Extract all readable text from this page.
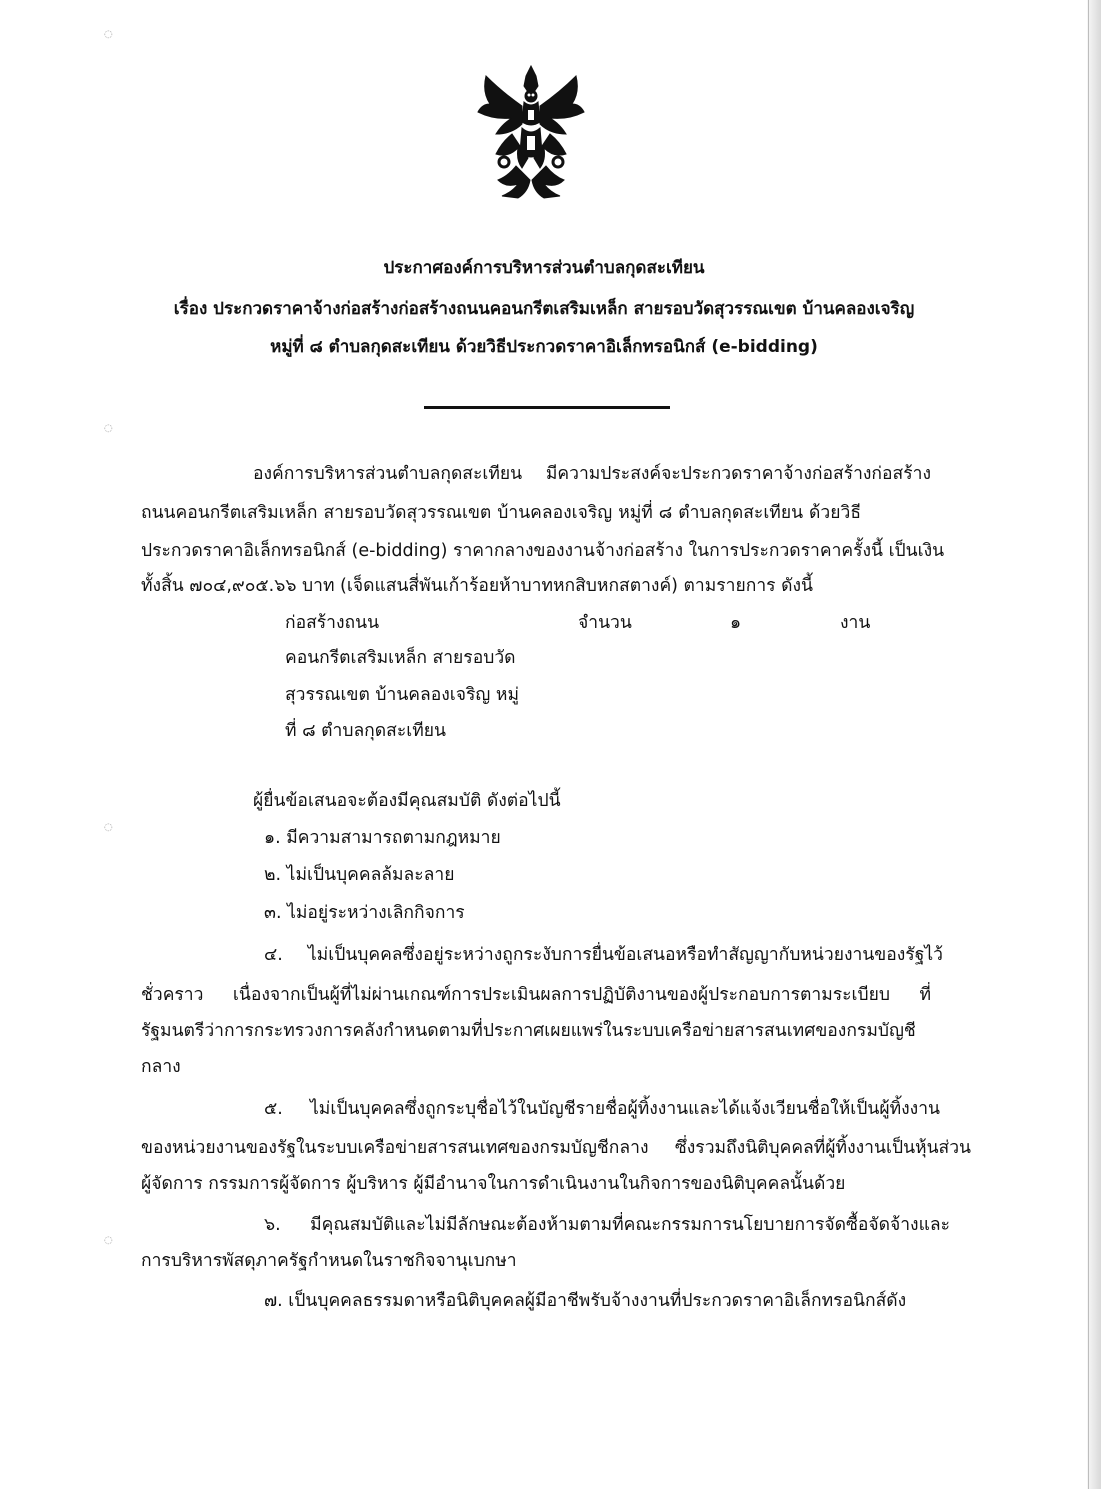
◌
◌
◌
◌
ประกาศองค์การบริหารส่วนตำบลกุดสะเทียน
เรื่อง ประกวดราคาจ้างก่อสร้างก่อสร้างถนนคอนกรีตเสริมเหล็ก สายรอบวัดสุวรรณเขต บ้านคลองเจริญ
หมู่ที่ ๘ ตำบลกุดสะเทียน ด้วยวิธีประกวดราคาอิเล็กทรอนิกส์ (e-bidding)
องค์การบริหารส่วนตำบลกุดสะเทียน มีความประสงค์จะประกวดราคาจ้างก่อสร้างก่อสร้าง
ถนนคอนกรีตเสริมเหล็ก สายรอบวัดสุวรรณเขต บ้านคลองเจริญ หมู่ที่ ๘ ตำบลกุดสะเทียน ด้วยวิธี
ประกวดราคาอิเล็กทรอนิกส์ (e-bidding) ราคากลางของงานจ้างก่อสร้าง ในการประกวดราคาครั้งนี้ เป็นเงิน
ทั้งสิ้น ๗๐๔,๙๐๕.๖๖ บาท (เจ็ดแสนสี่พันเก้าร้อยห้าบาทหกสิบหกสตางค์) ตามรายการ ดังนี้
ก่อสร้างถนน	จำนวน	๑	งาน
คอนกรีตเสริมเหล็ก สายรอบวัด
สุวรรณเขต บ้านคลองเจริญ หมู่
ที่ ๘ ตำบลกุดสะเทียน
ผู้ยื่นข้อเสนอจะต้องมีคุณสมบัติ ดังต่อไปนี้
๑. มีความสามารถตามกฎหมาย
๒. ไม่เป็นบุคคลล้มละลาย
๓. ไม่อยู่ระหว่างเลิกกิจการ
๔. ไม่เป็นบุคคลซึ่งอยู่ระหว่างถูกระงับการยื่นข้อเสนอหรือทำสัญญากับหน่วยงานของรัฐไว้
ชั่วคราว เนื่องจากเป็นผู้ที่ไม่ผ่านเกณฑ์การประเมินผลการปฏิบัติงานของผู้ประกอบการตามระเบียบ ที่
รัฐมนตรีว่าการกระทรวงการคลังกำหนดตามที่ประกาศเผยแพร่ในระบบเครือข่ายสารสนเทศของกรมบัญชี
กลาง
๕. ไม่เป็นบุคคลซึ่งถูกระบุชื่อไว้ในบัญชีรายชื่อผู้ทิ้งงานและได้แจ้งเวียนชื่อให้เป็นผู้ทิ้งงาน
ของหน่วยงานของรัฐในระบบเครือข่ายสารสนเทศของกรมบัญชีกลาง ซึ่งรวมถึงนิติบุคคลที่ผู้ทิ้งงานเป็นหุ้นส่วน
ผู้จัดการ กรรมการผู้จัดการ ผู้บริหาร ผู้มีอำนาจในการดำเนินงานในกิจการของนิติบุคคลนั้นด้วย
๖. มีคุณสมบัติและไม่มีลักษณะต้องห้ามตามที่คณะกรรมการนโยบายการจัดซื้อจัดจ้างและ
การบริหารพัสดุภาครัฐกำหนดในราชกิจจานุเบกษา
๗. เป็นบุคคลธรรมดาหรือนิติบุคคลผู้มีอาชีพรับจ้างงานที่ประกวดราคาอิเล็กทรอนิกส์ดัง
